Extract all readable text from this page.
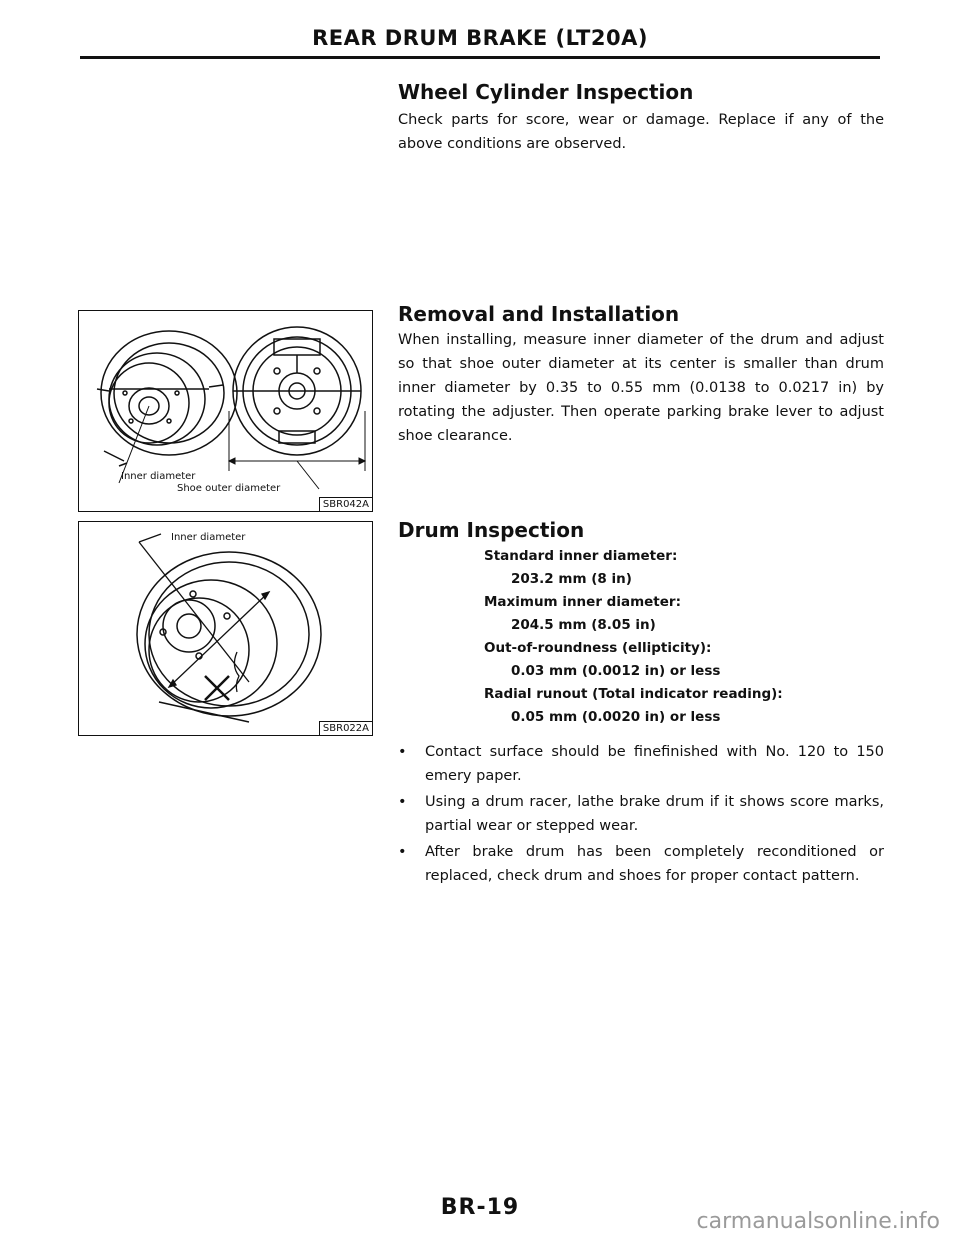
REAR DRUM BRAKE (LT20A)
Wheel Cylinder Inspection
Check parts for score, wear or damage. Replace if any of the above conditions are observed.
Removal and Installation
When installing, measure inner diameter of the drum and adjust so that shoe outer diameter at its center is smaller than drum inner diameter by 0.35 to 0.55 mm (0.0138 to 0.0217 in) by rotating the adjuster. Then operate parking brake lever to adjust shoe clearance.
Inner diameter
Shoe outer diameter
SBR042A
Inner diameter
SBR022A
Drum Inspection
Standard inner diameter:
203.2 mm (8 in)
Maximum inner diameter:
204.5 mm (8.05 in)
Out-of-roundness (ellipticity):
0.03 mm (0.0012 in) or less
Radial runout (Total indicator reading):
0.05 mm (0.0020 in) or less
• Contact surface should be finefinished with No. 120 to 150 emery paper.
• Using a drum racer, lathe brake drum if it shows score marks, partial wear or stepped wear.
• After brake drum has been completely reconditioned or replaced, check drum and shoes for proper contact pattern.
BR-19
carmanualsonline.info
